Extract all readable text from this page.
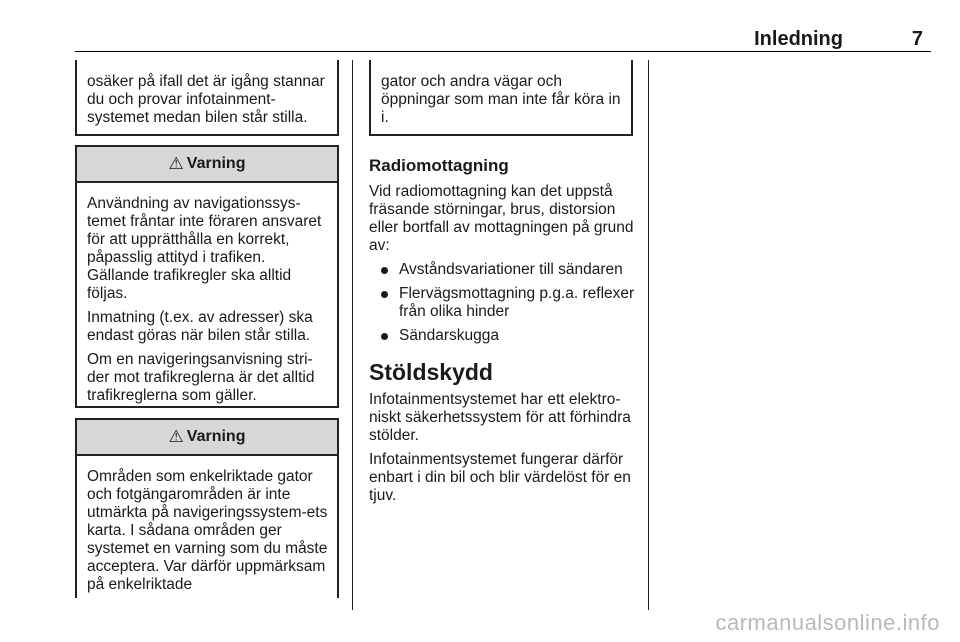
Inledning	7
osäker på ifall det är igång stannar du och provar infotainment-systemet medan bilen står stilla.
⚠ Varning

Användning av navigationssys-temet fråntar inte föraren ansvaret för att upprätthålla en korrekt, påpasslig attityd i trafiken. Gällande trafikregler ska alltid följas.

Inmatning (t.ex. av adresser) ska endast göras när bilen står stilla.

Om en navigeringsanvisning stri-der mot trafikreglerna är det alltid trafikreglerna som gäller.

⚠ Varning

Områden som enkelriktade gator och fotgängarområden är inte utmärkta på navigeringssystem-ets karta. I sådana områden ger systemet en varning som du måste acceptera. Var därför uppmärksam på enkelriktade

gator och andra vägar och öppningar som man inte får köra in i.
Radiomottagning

Vid radiomottagning kan det uppstå fräsande störningar, brus, distorsion eller bortfall av mottagningen på grund av:

Avståndsvariationer till sändaren
Flervägsmottagning p.g.a. reflexer från olika hinder
Sändarskugga
Stöldskydd

Infotainmentsystemet har ett elektro-niskt säkerhetssystem för att förhindra stölder.

Infotainmentsystemet fungerar därför enbart i din bil och blir värdelöst för en tjuv.

carmanualsonline.info
